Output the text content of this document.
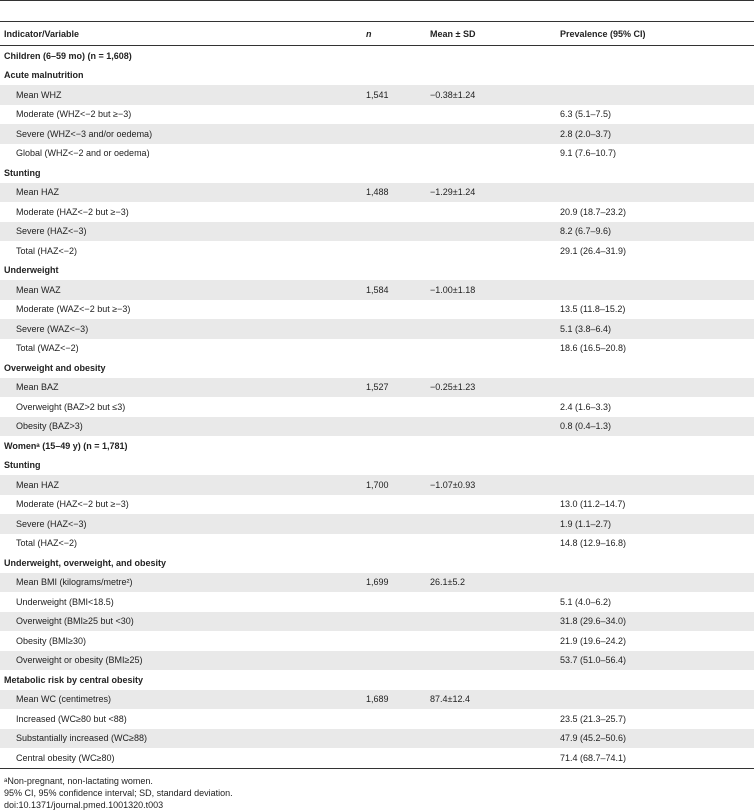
Indicator/Variable	n	Mean ± SD	Prevalence (95% CI)
Children (6–59 mo) (n = 1,608)			
Acute malnutrition			
Mean WHZ	1,541	−0.38±1.24	
Moderate (WHZ<−2 but ≥−3)			6.3 (5.1–7.5)
Severe (WHZ<−3 and/or oedema)			2.8 (2.0–3.7)
Global (WHZ<−2 and or oedema)			9.1 (7.6–10.7)
Stunting			
Mean HAZ	1,488	−1.29±1.24	
Moderate (HAZ<−2 but ≥−3)			20.9 (18.7–23.2)
Severe (HAZ<−3)			8.2 (6.7–9.6)
Total (HAZ<−2)			29.1 (26.4–31.9)
Underweight			
Mean WAZ	1,584	−1.00±1.18	
Moderate (WAZ<−2 but ≥−3)			13.5 (11.8–15.2)
Severe (WAZ<−3)			5.1 (3.8–6.4)
Total (WAZ<−2)			18.6 (16.5–20.8)
Overweight and obesity			
Mean BAZ	1,527	−0.25±1.23	
Overweight (BAZ>2 but ≤3)			2.4 (1.6–3.3)
Obesity (BAZ>3)			0.8 (0.4–1.3)
Womenᵃ (15–49 y) (n = 1,781)			
Stunting			
Mean HAZ	1,700	−1.07±0.93	
Moderate (HAZ<−2 but ≥−3)			13.0 (11.2–14.7)
Severe (HAZ<−3)			1.9 (1.1–2.7)
Total (HAZ<−2)			14.8 (12.9–16.8)
Underweight, overweight, and obesity			
Mean BMI (kilograms/metre²)	1,699	26.1±5.2	
Underweight (BMI<18.5)			5.1 (4.0–6.2)
Overweight (BMI≥25 but <30)			31.8 (29.6–34.0)
Obesity (BMI≥30)			21.9 (19.6–24.2)
Overweight or obesity (BMI≥25)			53.7 (51.0–56.4)
Metabolic risk by central obesity			
Mean WC (centimetres)	1,689	87.4±12.4	
Increased (WC≥80 but <88)			23.5 (21.3–25.7)
Substantially increased (WC≥88)			47.9 (45.2–50.6)
Central obesity (WC≥80)			71.4 (68.7–74.1)
ᵃNon-pregnant, non-lactating women.
95% CI, 95% confidence interval; SD, standard deviation.
doi:10.1371/journal.pmed.1001320.t003
